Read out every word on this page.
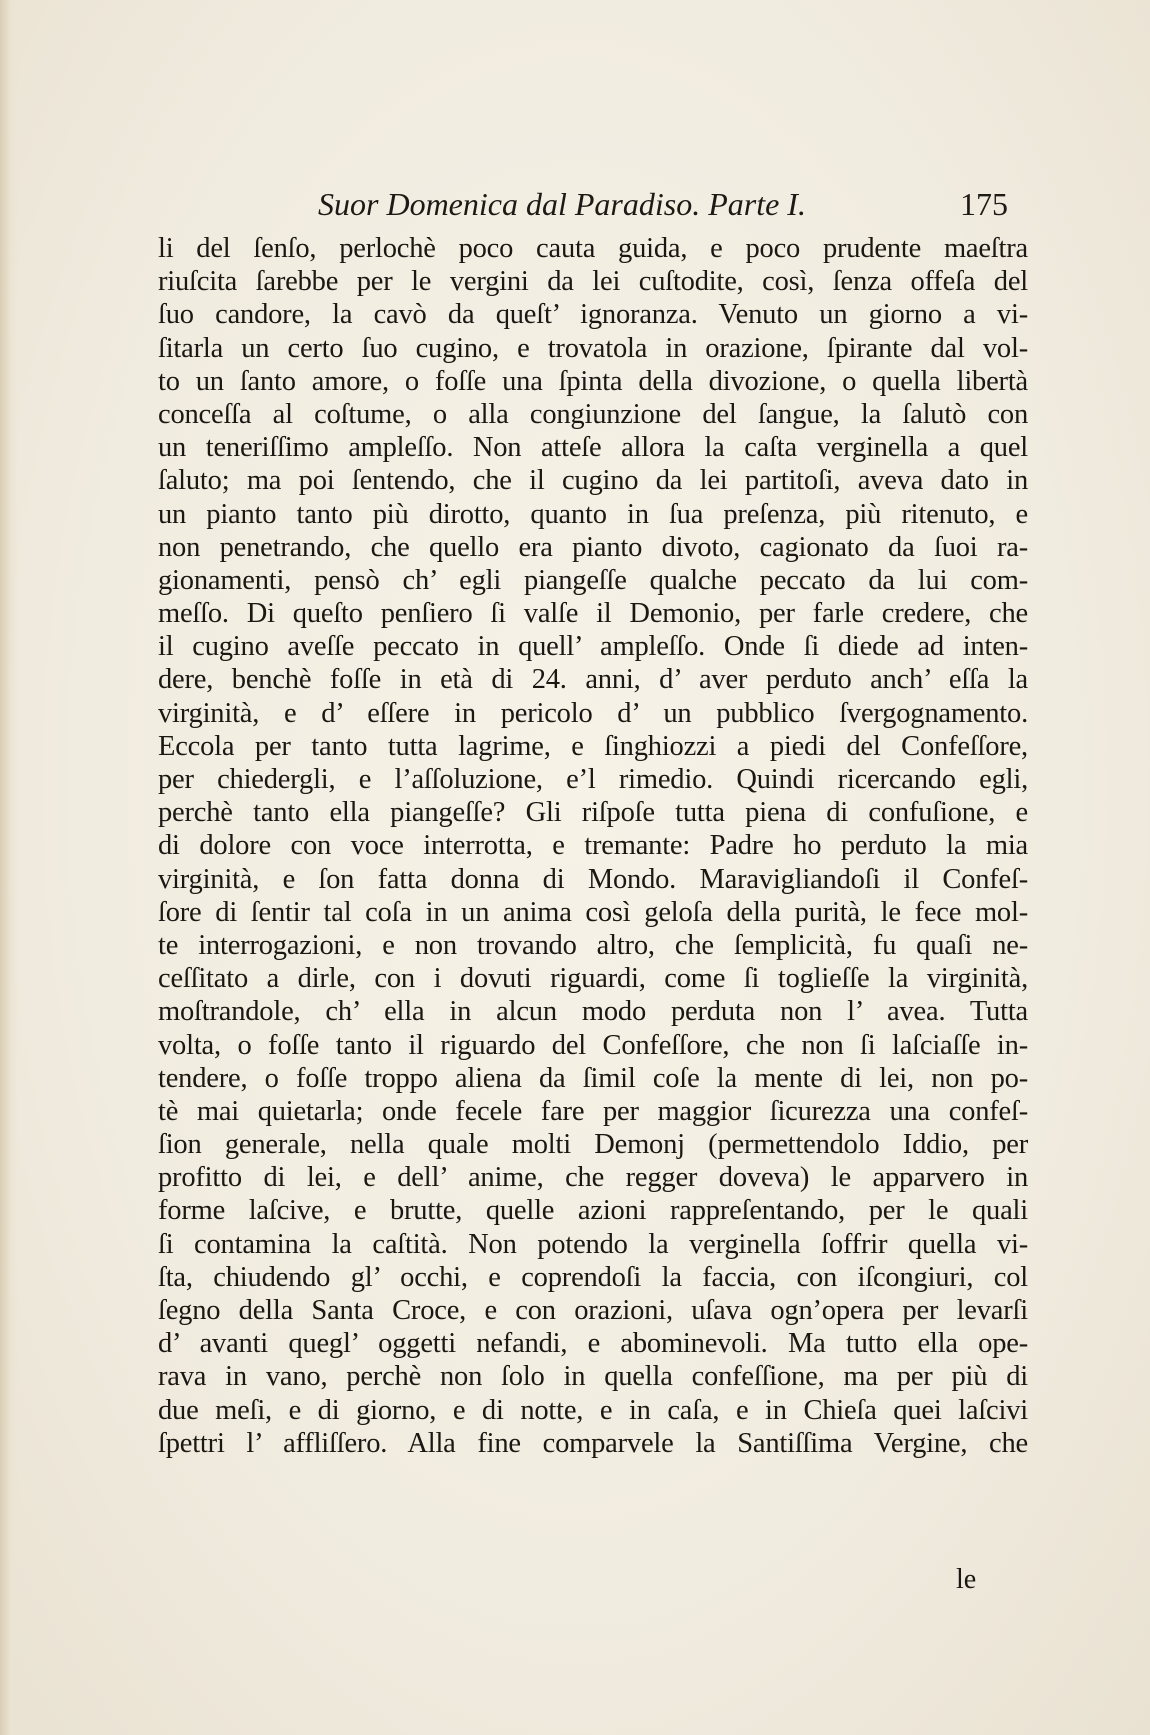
Suor Domenica dal Paradiso. Parte I.	175
li del ſenſo, perlochè poco cauta guida, e poco prudente maeſtra
riuſcita ſarebbe per le vergini da lei cuſtodite, così, ſenza offeſa del
ſuo candore, la cavò da queſt’ ignoranza. Venuto un giorno a vi-
ſitarla un certo ſuo cugino, e trovatola in orazione, ſpirante dal vol-
to un ſanto amore, o foſſe una ſpinta della divozione, o quella libertà
conceſſa al coſtume, o alla congiunzione del ſangue, la ſalutò con
un teneriſſimo ampleſſo. Non atteſe allora la caſta verginella a quel
ſaluto; ma poi ſentendo, che il cugino da lei partitoſi, aveva dato in
un pianto tanto più dirotto, quanto in ſua preſenza, più ritenuto, e
non penetrando, che quello era pianto divoto, cagionato da ſuoi ra-
gionamenti, pensò ch’ egli piangeſſe qualche peccato da lui com-
meſſo. Di queſto penſiero ſi valſe il Demonio, per farle credere, che
il cugino aveſſe peccato in quell’ ampleſſo. Onde ſi diede ad inten-
dere, benchè foſſe in età di 24. anni, d’ aver perduto anch’ eſſa la
virginità, e d’ eſſere in pericolo d’ un pubblico ſvergognamento.
Eccola per tanto tutta lagrime, e ſinghiozzi a piedi del Confeſſore,
per chiedergli, e l’aſſoluzione, e’l rimedio. Quindi ricercando egli,
perchè tanto ella piangeſſe? Gli riſpoſe tutta piena di confuſione, e
di dolore con voce interrotta, e tremante: Padre ho perduto la mia
virginità, e ſon fatta donna di Mondo. Maravigliandoſi il Confeſ-
ſore di ſentir tal coſa in un anima così geloſa della purità, le fece mol-
te interrogazioni, e non trovando altro, che ſemplicità, fu quaſi ne-
ceſſitato a dirle, con i dovuti riguardi, come ſi toglieſſe la virginità,
moſtrandole, ch’ ella in alcun modo perduta non l’ avea. Tutta
volta, o foſſe tanto il riguardo del Confeſſore, che non ſi laſciaſſe in-
tendere, o foſſe troppo aliena da ſimil coſe la mente di lei, non po-
tè mai quietarla; onde fecele fare per maggior ſicurezza una confeſ-
ſion generale, nella quale molti Demonj (permettendolo Iddio, per
profitto di lei, e dell’ anime, che regger doveva) le apparvero in
forme laſcive, e brutte, quelle azioni rappreſentando, per le quali
ſi contamina la caſtità. Non potendo la verginella ſoffrir quella vi-
ſta, chiudendo gl’ occhi, e coprendoſi la faccia, con iſcongiuri, col
ſegno della Santa Croce, e con orazioni, uſava ogn’opera per levarſi
d’ avanti quegl’ oggetti nefandi, e abominevoli. Ma tutto ella ope-
rava in vano, perchè non ſolo in quella confeſſione, ma per più di
due meſi, e di giorno, e di notte, e in caſa, e in Chieſa quei laſcivi
ſpettri l’ affliſſero. Alla fine comparvele la Santiſſima Vergine, che
le
